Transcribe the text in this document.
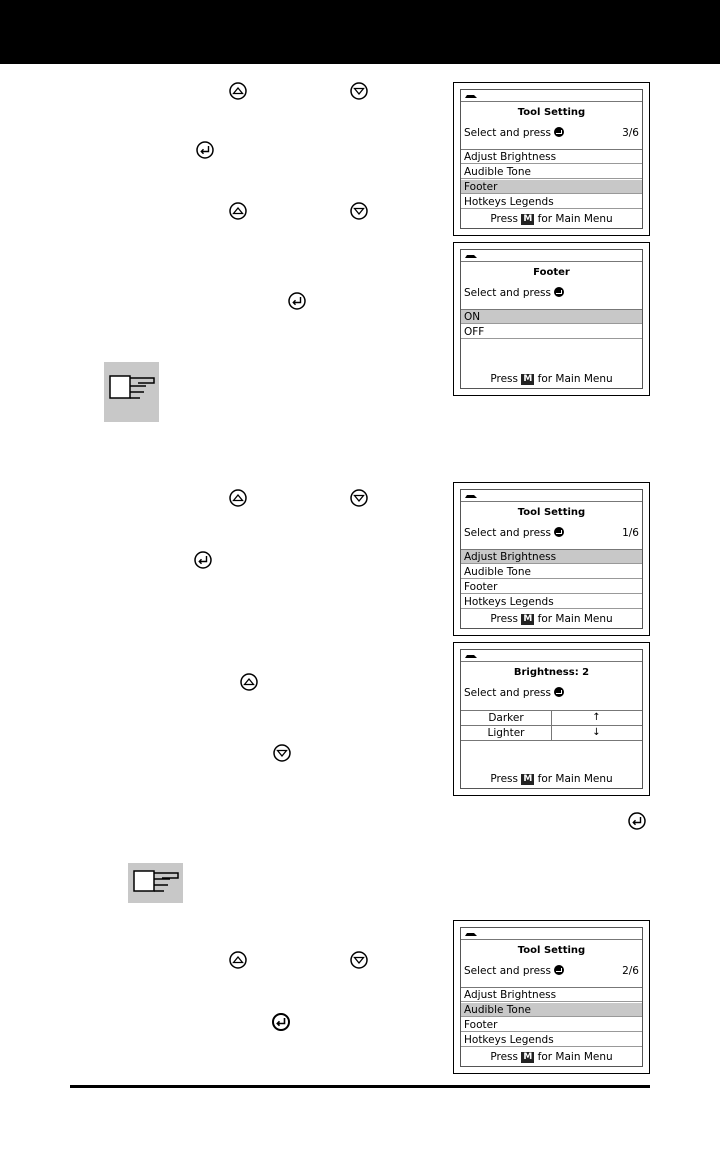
Tool Setting
Select and press	3/6
Adjust Brightness
Audible Tone
Footer
Hotkeys Legends
Press M for Main Menu
Footer
Select and press
ON
OFF
Press M for Main Menu
Tool Setting
Select and press	1/6
Adjust Brightness
Audible Tone
Footer
Hotkeys Legends
Press M for Main Menu
Brightness: 2
Select and press
Darker	↑
Lighter	↓
Press M for Main Menu
Tool Setting
Select and press	2/6
Adjust Brightness
Audible Tone
Footer
Hotkeys Legends
Press M for Main Menu
